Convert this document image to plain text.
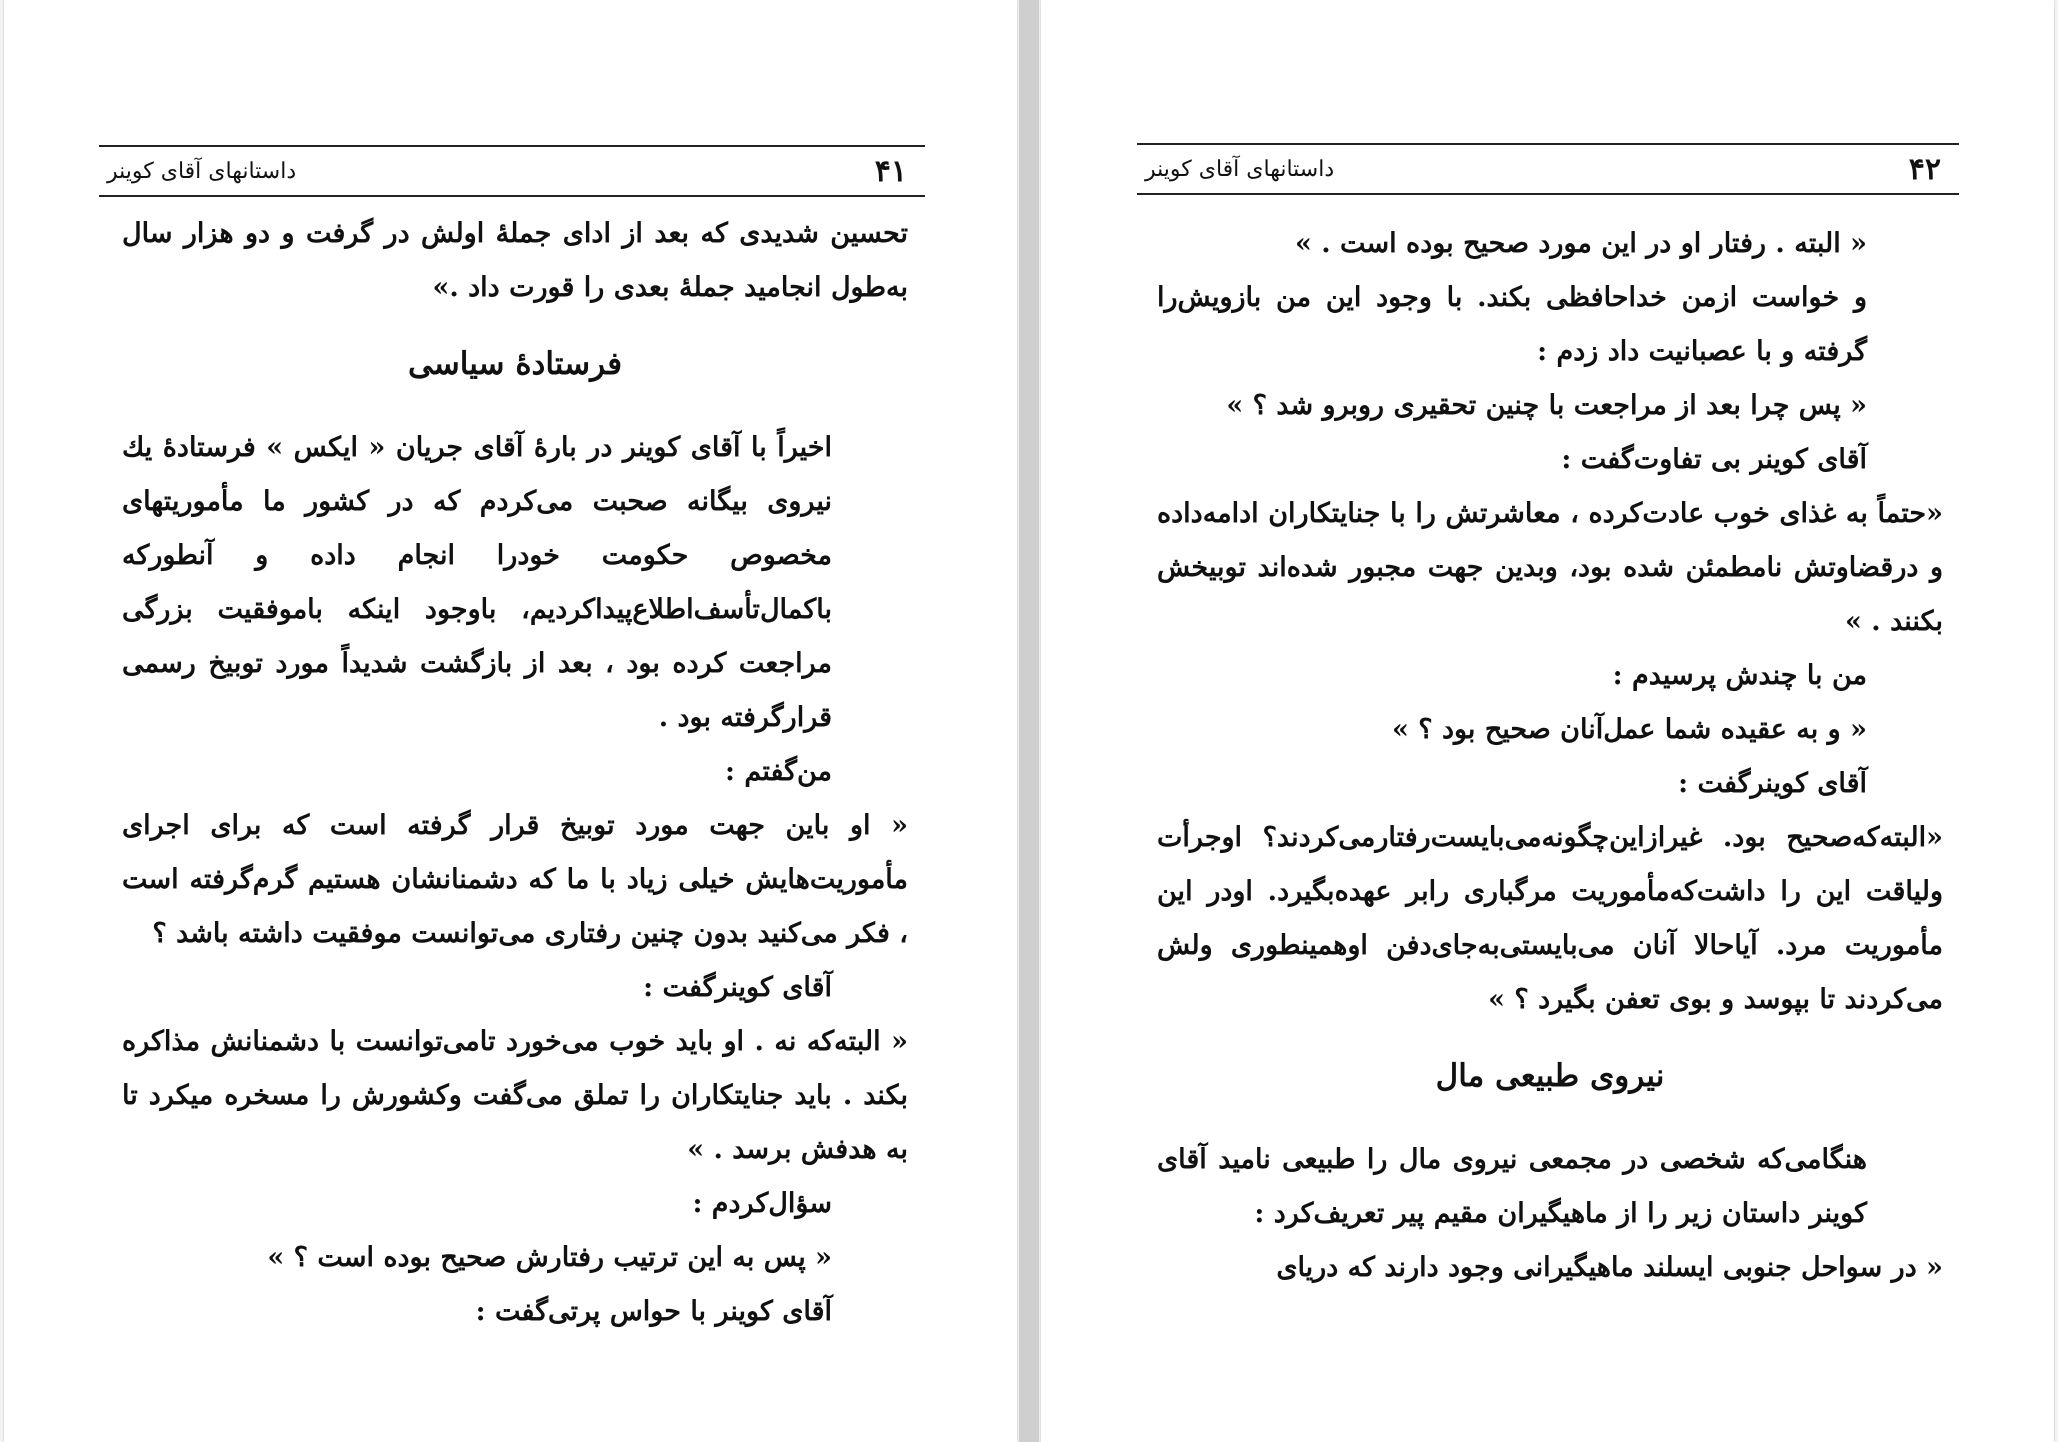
داستانهای آقای کوینر	۴۱

تحسین شدیدی که بعد از ادای جملهٔ اولش در گرفت و دو هزار سال به‌طول انجامید جملهٔ بعدی را قورت داد .»

فرستادهٔ سیاسی

اخیراً با آقای کوینر در بارهٔ آقای جریان « ایکس » فرستادهٔ یك نیروی بیگانه صحبت می‌کردم که در کشور ما مأموریتهای مخصوص حکومت خودرا انجام داده و آنطورکه باکمال‌تأسف‌اطلاع‌پیداکردیم، باوجود اینکه باموفقیت بزرگی مراجعت کرده بود ، بعد از بازگشت شدیداً مورد توبیخ رسمی قرارگرفته بود .

من‌گفتم :

« او باین جهت مورد توبیخ قرار گرفته است که برای اجرای مأموریت‌هایش خیلی زیاد با ما که دشمنانشان هستیم گرم‌گرفته است ، فکر می‌کنید بدون چنین رفتاری می‌توانست موفقیت داشته باشد ؟

آقای کوینرگفت :

« البته‌که نه . او باید خوب می‌خورد تامی‌توانست با دشمنانش مذاکره بکند . باید جنایتکاران را تملق می‌گفت وکشورش را مسخره میکرد تا به هدفش برسد . »

سؤال‌کردم :

« پس به این ترتیب رفتارش صحیح بوده است ؟ »

آقای کوینر با حواس پرتی‌گفت :

داستانهای آقای کوینر	۴۲

« البته . رفتار او در این مورد صحیح بوده است . »

و خواست ازمن خداحافظی بکند. با وجود این من بازویش‌را گرفته و با عصبانیت داد زدم :

« پس چرا بعد از مراجعت با چنین تحقیری روبرو شد ؟ »

آقای کوینر بی تفاوت‌گفت :

«حتماً به غذای خوب عادت‌کرده ، معاشرتش را با جنایتکاران ادامه‌داده و درقضاوتش نامطمئن شده بود، وبدین جهت مجبور شده‌اند توبیخش بکنند . »

من با چندش پرسیدم :

« و به عقیده شما عمل‌آنان صحیح بود ؟ »

آقای کوینرگفت :

«البته‌که‌صحیح بود. غیرازاین‌چگونه‌می‌بایست‌رفتارمی‌کردند؟ اوجرأت ولیاقت این را داشت‌که‌مأموریت مرگباری رابر عهده‌بگیرد. اودر این مأموریت مرد. آیاحالا آنان می‌بایستی‌به‌جای‌دفن اوهمینطوری ولش می‌کردند تا بپوسد و بوی تعفن بگیرد ؟ »

نیروی طبیعی مال

هنگامی‌که شخصی در مجمعی نیروی مال را طبیعی نامید آقای کوینر داستان زیر را از ماهیگیران مقیم پیر تعریف‌کرد :

« در سواحل جنوبی ایسلند ماهیگیرانی وجود دارند که دریای
